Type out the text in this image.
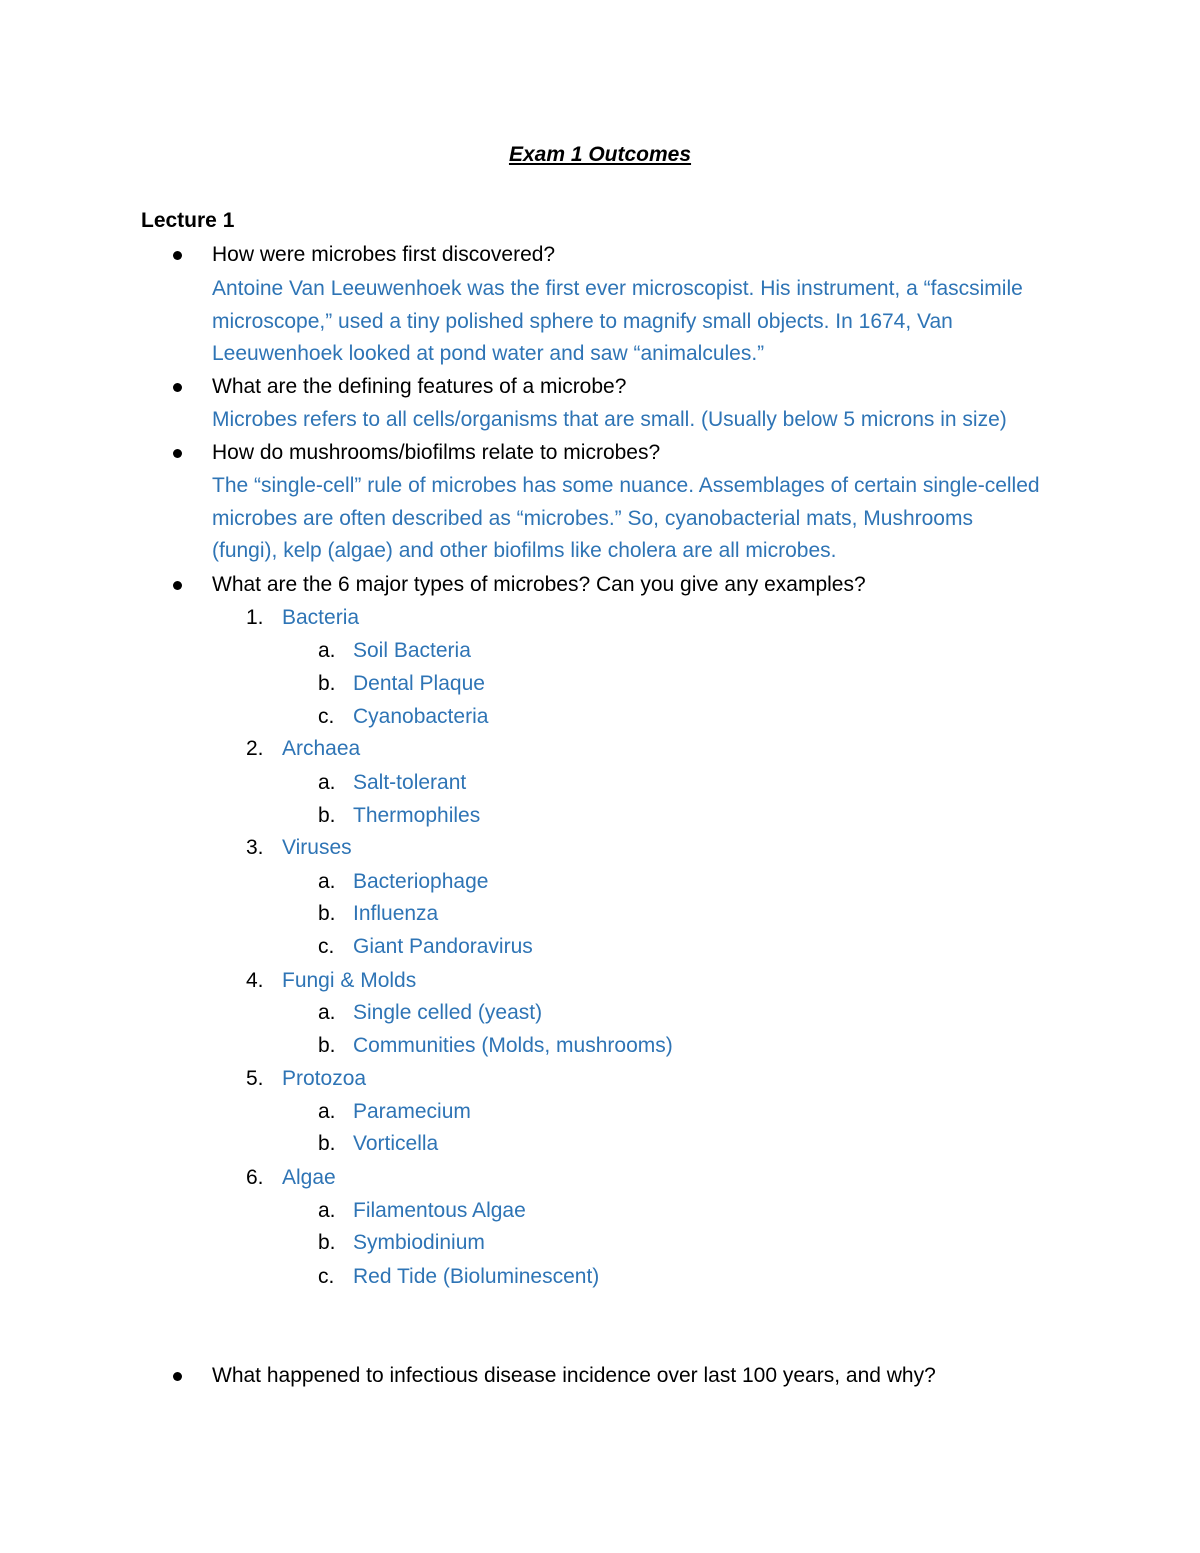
Exam 1 Outcomes
Lecture 1
How were microbes first discovered?
Antoine Van Leeuwenhoek was the first ever microscopist. His instrument, a “fascsimile
microscope,” used a tiny polished sphere to magnify small objects. In 1674, Van
Leeuwenhoek looked at pond water and saw “animalcules.”
What are the defining features of a microbe?
Microbes refers to all cells/organisms that are small. (Usually below 5 microns in size)
How do mushrooms/biofilms relate to microbes?
The “single-cell” rule of microbes has some nuance. Assemblages of certain single-celled
microbes are often described as “microbes.” So, cyanobacterial mats, Mushrooms
(fungi), kelp (algae) and other biofilms like cholera are all microbes.
What are the 6 major types of microbes? Can you give any examples?
1. Bacteria
a. Soil Bacteria
b. Dental Plaque
c. Cyanobacteria
2. Archaea
a. Salt-tolerant
b. Thermophiles
3. Viruses
a. Bacteriophage
b. Influenza
c. Giant Pandoravirus
4. Fungi & Molds
a. Single celled (yeast)
b. Communities (Molds, mushrooms)
5. Protozoa
a. Paramecium
b. Vorticella
6. Algae
a. Filamentous Algae
b. Symbiodinium
c. Red Tide (Bioluminescent)
What happened to infectious disease incidence over last 100 years, and why?
